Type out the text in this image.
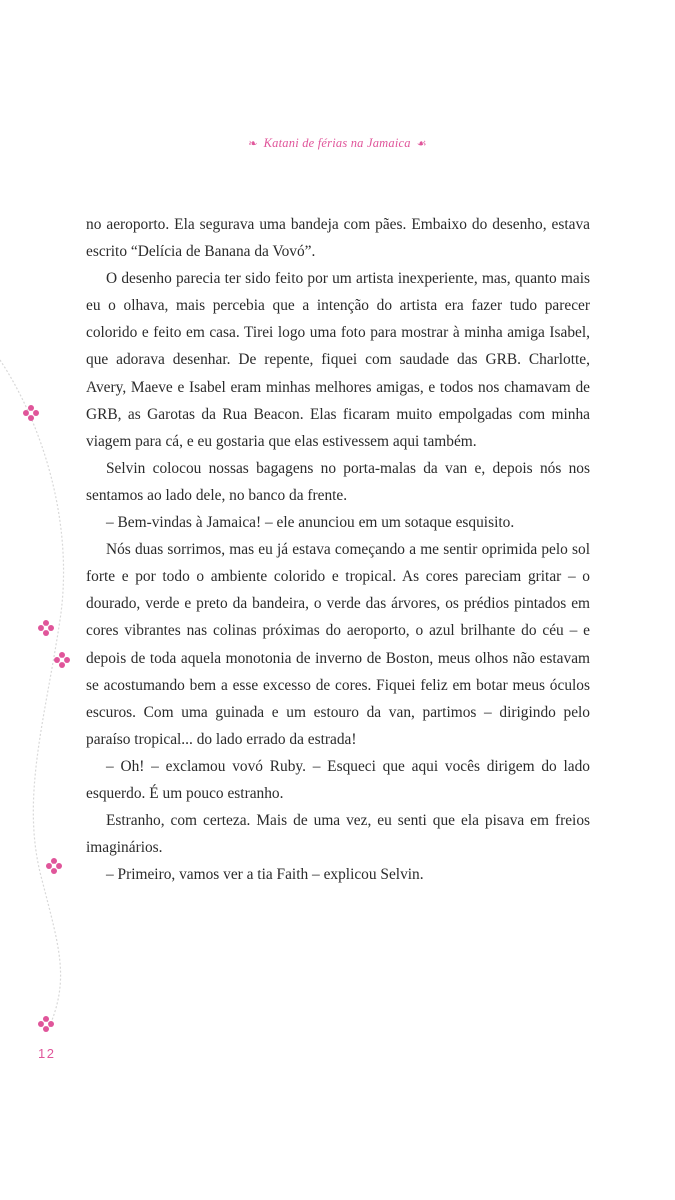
❧ Katani de férias na Jamaica ☙

no aeroporto. Ela segurava uma bandeja com pães. Embaixo do desenho, estava escrito “Delícia de Banana da Vovó”.

O desenho parecia ter sido feito por um artista inexperiente, mas, quanto mais eu o olhava, mais percebia que a intenção do artista era fazer tudo parecer colorido e feito em casa. Tirei logo uma foto para mostrar à minha amiga Isabel, que adorava desenhar. De repente, fiquei com saudade das GRB. Charlotte, Avery, Maeve e Isabel eram minhas melhores amigas, e todos nos chamavam de GRB, as Garotas da Rua Beacon. Elas ficaram muito empolgadas com minha viagem para cá, e eu gostaria que elas estivessem aqui também.

Selvin colocou nossas bagagens no porta-malas da van e, depois nós nos sentamos ao lado dele, no banco da frente.

– Bem-vindas à Jamaica! – ele anunciou em um sotaque esquisito.

Nós duas sorrimos, mas eu já estava começando a me sentir oprimida pelo sol forte e por todo o ambiente colorido e tropical. As cores pareciam gritar – o dourado, verde e preto da bandeira, o verde das árvores, os prédios pintados em cores vibrantes nas colinas próximas do aeroporto, o azul brilhante do céu – e depois de toda aquela monotonia de inverno de Boston, meus olhos não estavam se acostumando bem a esse excesso de cores. Fiquei feliz em botar meus óculos escuros. Com uma guinada e um estouro da van, partimos – dirigindo pelo paraíso tropical... do lado errado da estrada!

– Oh! – exclamou vovó Ruby. – Esqueci que aqui vocês dirigem do lado esquerdo. É um pouco estranho.

Estranho, com certeza. Mais de uma vez, eu senti que ela pisava em freios imaginários.

– Primeiro, vamos ver a tia Faith – explicou Selvin.

12
